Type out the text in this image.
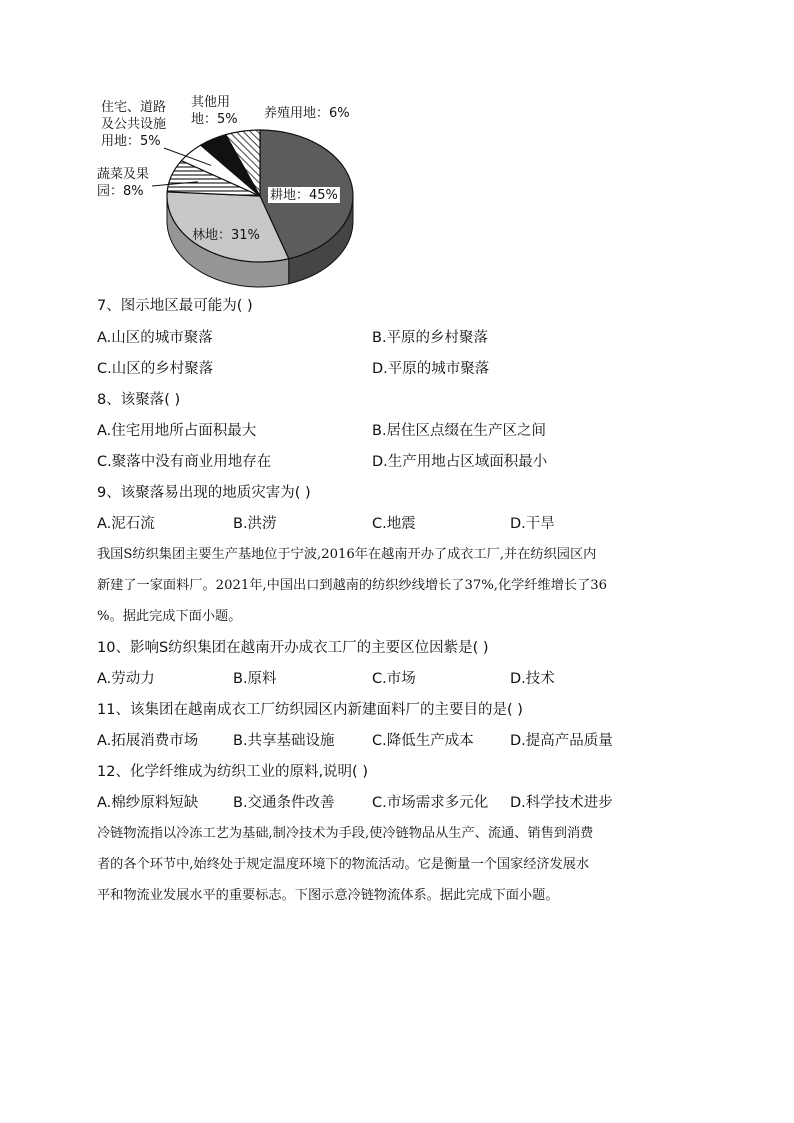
耕地：45%
林地：31%
蔬菜及果
园：8%
住宅、道路
及公共设施
用地：5%
其他用
地：5% 养殖用地：6%
7、图示地区最可能为( )
A.山区的城市聚落	B.平原的乡村聚落
C.山区的乡村聚落	D.平原的城市聚落
8、该聚落( )
A.住宅用地所占面积最大	B.居住区点缀在生产区之间
C.聚落中没有商业用地存在	D.生产用地占区域面积最小
9、该聚落易出现的地质灾害为( )
A.泥石流	B.洪涝	C.地震	D.干旱
我国S纺织集团主要生产基地位于宁波,2016年在越南开办了成衣工厂,并在纺织园区内
新建了一家面料厂。2021年,中国出口到越南的纺织纱线增长了37%,化学纤维增长了36
%。据此完成下面小题。
10、影响S纺织集团在越南开办成衣工厂的主要区位因紫是( )
A.劳动力	B.原料	C.市场	D.技术
11、该集团在越南成衣工厂纺织园区内新建面料厂的主要目的是( )
A.拓展消费市场 B.共享基础设施	C.降低生产成本	D.提高产品质量
12、化学纤维成为纺织工业的原料,说明( )
A.棉纱原料短缺 B.交通条件改善	C.市场需求多元化 D.科学技术进步
冷链物流指以冷冻工艺为基础,制冷技术为手段,使冷链物品从生产、流通、销售到消费
者的各个环节中,始终处于规定温度环境下的物流活动。它是衡量一个国家经济发展水
平和物流业发展水平的重要标志。下图示意冷链物流体系。据此完成下面小题。
